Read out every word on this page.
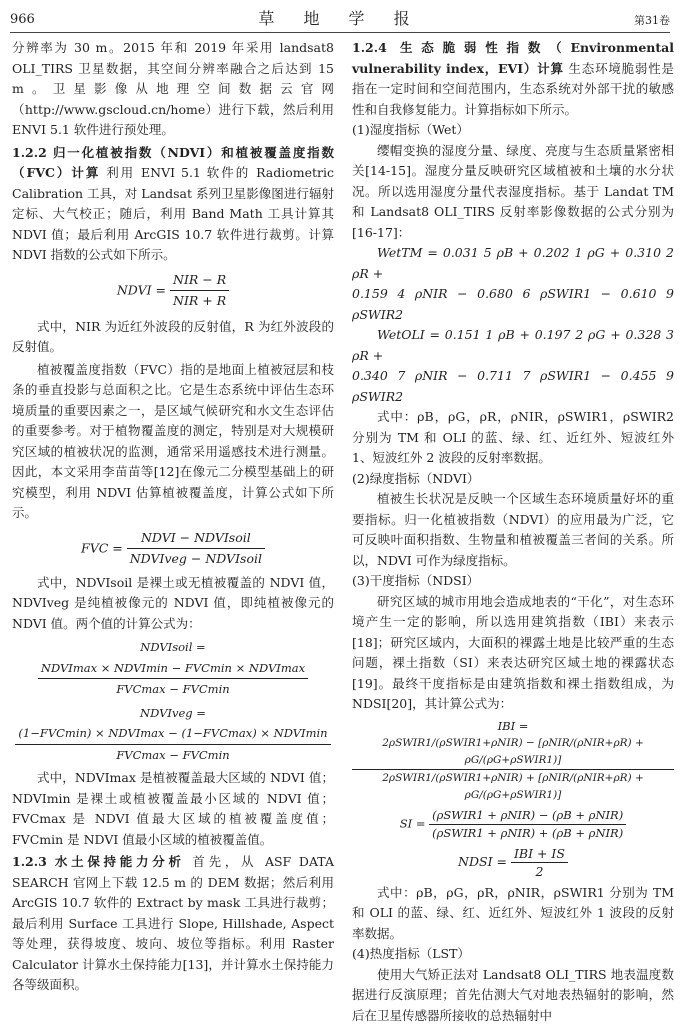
966	草 地 学 报	第31卷

分辨率为 30 m。2015 年和 2019 年采用 landsat8 OLI_TIRS 卫星数据，其空间分辨率融合之后达到 15 m。卫星影像从地理空间数据云官网（http://www.gscloud.cn/home）进行下载，然后利用 ENVI 5.1 软件进行预处理。

1.2.2 归一化植被指数（NDVI）和植被覆盖度指数（FVC）计算 利用 ENVI 5.1 软件的 Radiometric Calibration 工具，对 Landsat 系列卫星影像图进行辐射定标、大气校正；随后，利用 Band Math 工具计算其 NDVI 值；最后利用 ArcGIS 10.7 软件进行裁剪。计算 NDVI 指数的公式如下所示。

NDVI = $\frac{\text{NIR − R}}{\text{NIR + R}}$

式中，NIR 为近红外波段的反射值，R 为红外波段的反射值。

植被覆盖度指数（FVC）指的是地面上植被冠层和枝条的垂直投影与总面积之比。它是生态系统中评估生态环境质量的重要因素之一，是区域气候研究和水文生态评估的重要参考。对于植物覆盖度的测定，特别是对大规模研究区域的植被状况的监测，通常采用遥感技术进行测量。因此，本文采用李苗苗等[12]在像元二分模型基础上的研究模型，利用 NDVI 估算植被覆盖度，计算公式如下所示。

FVC = $\frac{\text{NDVI − NDVIsoil}}{\text{NDVIveg − NDVIsoil}}$

式中，NDVIsoil 是裸土或无植被覆盖的 NDVI 值，NDVIveg 是纯植被像元的 NDVI 值，即纯植被像元的 NDVI 值。两个值的计算公式为：

NDVIsoil =
$\frac{\text{NDVImax × NDVImin − FVCmin × NDVImax}}{\text{FVCmax − FVCmin}}$
NDVIveg =
$\frac{\text{(1−FVCmin) × NDVImax − (1−FVCmax) × NDVImin}}{\text{FVCmax − FVCmin}}$

式中，NDVImax 是植被覆盖最大区域的 NDVI 值；NDVImin 是裸土或植被覆盖最小区域的 NDVI 值；FVCmax 是 NDVI 值最大区域的植被覆盖度值；FVCmin 是 NDVI 值最小区域的植被覆盖值。

1.2.3 水土保持能力分析 首先，从 ASF DATA SEARCH 官网上下载 12.5 m 的 DEM 数据；然后利用 ArcGIS 10.7 软件的 Extract by mask 工具进行裁剪；最后利用 Surface 工具进行 Slope, Hillshade, Aspect 等处理，获得坡度、坡向、坡位等指标。利用 Raster Calculator 计算水土保持能力[13]，并计算水土保持能力各等级面积。

1.2.4 生态脆弱性指数（Environmental vulnerability index，EVI）计算 生态环境脆弱性是指在一定时间和空间范围内，生态系统对外部干扰的敏感性和自我修复能力。计算指标如下所示。

(1)湿度指标（Wet）

缨帽变换的湿度分量、绿度、亮度与生态质量紧密相关[14-15]。湿度分量反映研究区域植被和土壤的水分状况。所以选用湿度分量代表湿度指标。基于 Landat TM 和 Landsat8 OLI_TIRS 反射率影像数据的公式分别为[16-17]：

WetTM = 0.031 5 ρB + 0.202 1 ρG + 0.310 2 ρR +

0.159 4 ρNIR − 0.680 6 ρSWIR1 − 0.610 9 ρSWIR2

WetOLI = 0.151 1 ρB + 0.197 2 ρG + 0.328 3 ρR +

0.340 7 ρNIR − 0.711 7 ρSWIR1 − 0.455 9 ρSWIR2

式中：ρB，ρG，ρR，ρNIR，ρSWIR1，ρSWIR2 分别为 TM 和 OLI 的蓝、绿、红、近红外、短波红外 1、短波红外 2 波段的反射率数据。

(2)绿度指标（NDVI）

植被生长状况是反映一个区域生态环境质量好坏的重要指标。归一化植被指数（NDVI）的应用最为广泛，它可反映叶面积指数、生物量和植被覆盖三者间的关系。所以，NDVI 可作为绿度指标。

(3)干度指标（NDSI）

研究区域的城市用地会造成地表的“干化”，对生态环境产生一定的影响，所以选用建筑指数（IBI）来表示[18]；研究区域内，大面积的裸露土地是比较严重的生态问题，裸土指数（SI）来表达研究区域土地的裸露状态[19]。最终干度指标是由建筑指数和裸土指数组成，为 NDSI[20]，其计算公式为：

IBI =
$\frac{\text{2ρSWIR1/(ρSWIR1+ρNIR) − [ρNIR/(ρNIR+ρR) + ρG/(ρG+ρSWIR1)]}}{\text{2ρSWIR1/(ρSWIR1+ρNIR) + [ρNIR/(ρNIR+ρR) + ρG/(ρG+ρSWIR1)]}}$
SI = $\frac{\text{(ρSWIR1 + ρNIR) − (ρB + ρNIR)}}{\text{(ρSWIR1 + ρNIR) + (ρB + ρNIR)}}$
NDSI = $\frac{\text{IBI + IS}}{2}$

式中：ρB，ρG，ρR，ρNIR，ρSWIR1 分别为 TM 和 OLI 的蓝、绿、红、近红外、短波红外 1 波段的反射率数据。

(4)热度指标（LST）

使用大气矫正法对 Landsat8 OLI_TIRS 地表温度数据进行反演原理；首先估测大气对地表热辐射的影响，然后在卫星传感器所接收的总热辐射中
